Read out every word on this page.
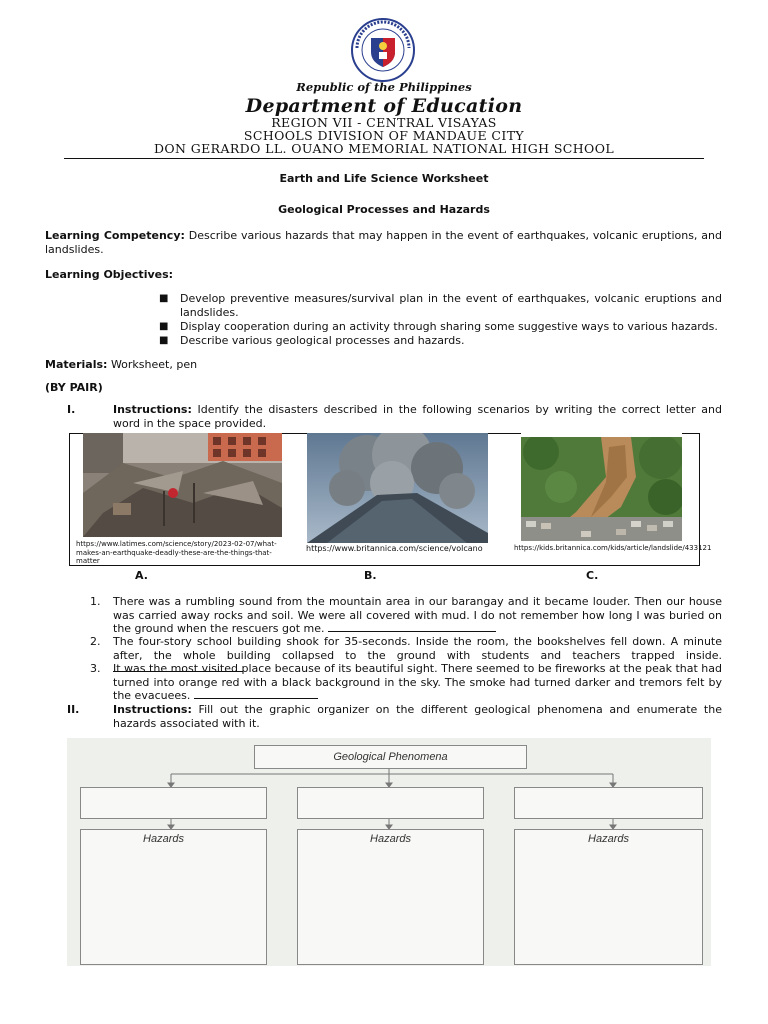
Republic of the Philippines
Department of Education
REGION VII - CENTRAL VISAYAS
SCHOOLS DIVISION OF MANDAUE CITY
DON GERARDO LL. OUANO MEMORIAL NATIONAL HIGH SCHOOL
Earth and Life Science Worksheet
Geological Processes and Hazards
Learning Competency: Describe various hazards that may happen in the event of earthquakes, volcanic eruptions, and landslides.
Learning Objectives:
■ Develop preventive measures/survival plan in the event of earthquakes, volcanic eruptions and landslides.
■ Display cooperation during an activity through sharing some suggestive ways to various hazards.
■ Describe various geological processes and hazards.
Materials: Worksheet, pen
(BY PAIR)
I.	Instructions: Identify the disasters described in the following scenarios by writing the correct letter and word in the space provided.
https://www.latimes.com/science/story/2023-02-07/what-makes-an-earthquake-deadly-these-are-the-things-that-matter
A.
https://www.britannica.com/science/volcano
B.
https://kids.britannica.com/kids/article/landslide/433121
C.
1. There was a rumbling sound from the mountain area in our barangay and it became louder. Then our house was carried away rocks and soil. We were all covered with mud. I do not remember how long I was buried on the ground when the rescuers got me.
2. The four-story school building shook for 35-seconds. Inside the room, the bookshelves fell down. A minute after, the whole building collapsed to the ground with students and teachers trapped inside.
3. It was the most visited place because of its beautiful sight. There seemed to be fireworks at the peak that had turned into orange red with a black background in the sky. The smoke had turned darker and tremors felt by the evacuees.
II.	Instructions: Fill out the graphic organizer on the different geological phenomena and enumerate the hazards associated with it.
Geological Phenomena
Hazards	Hazards	Hazards
